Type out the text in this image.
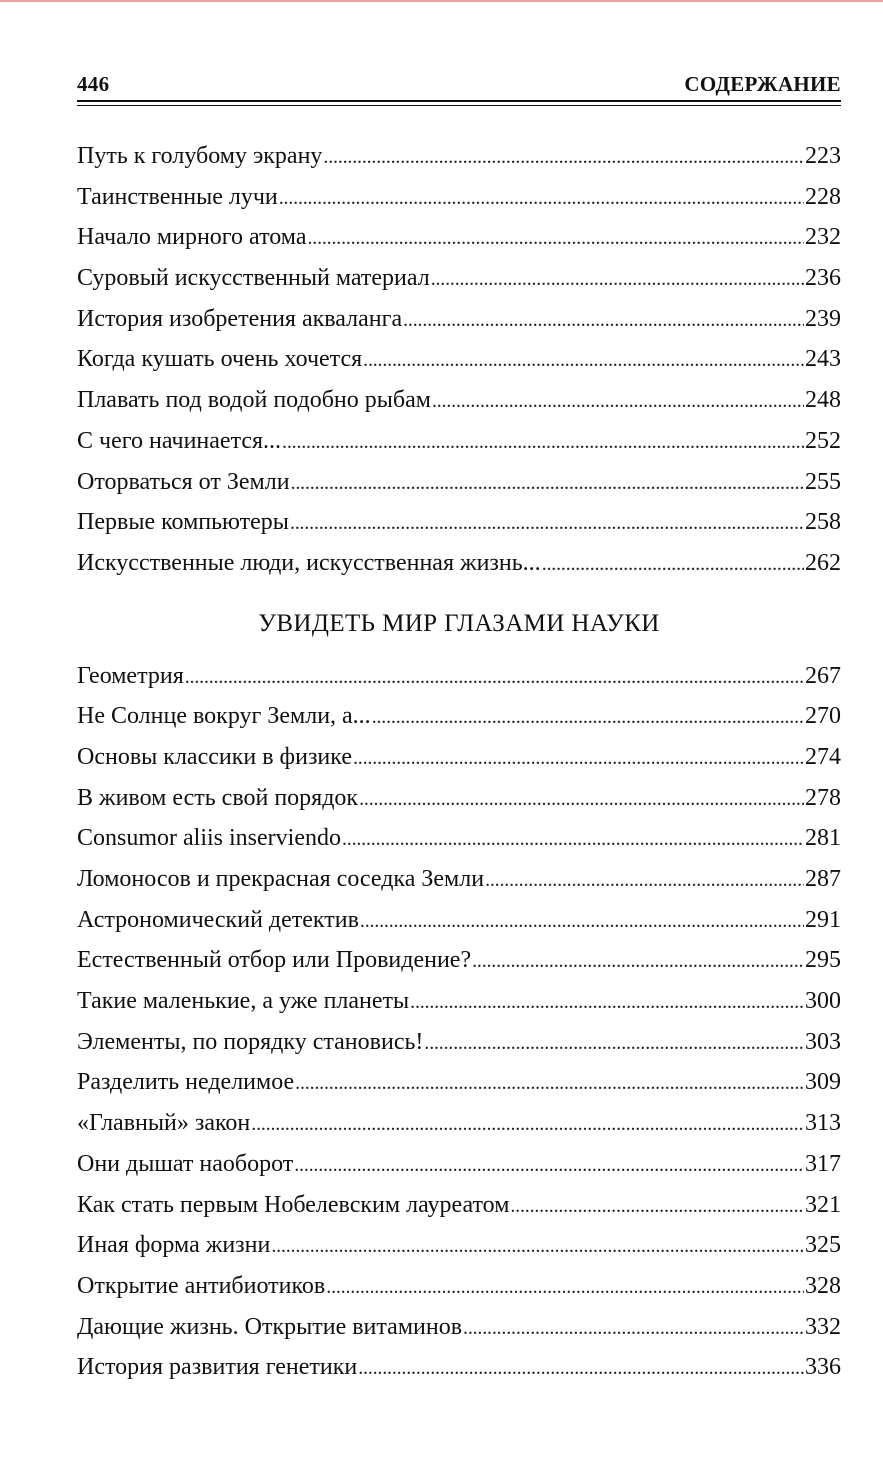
446	СОДЕРЖАНИЕ
Путь к голубому экрану . . .	223
Таинственные лучи . . .	228
Начало мирного атома . . .	232
Суровый искусственный материал . . .	236
История изобретения акваланга . . .	239
Когда кушать очень хочется . . .	243
Плавать под водой подобно рыбам . . .	248
С чего начинается... . . .	252
Оторваться от Земли . . .	255
Первые компьютеры . . .	258
Искусственные люди, искусственная жизнь... . . .	262
УВИДЕТЬ МИР ГЛАЗАМИ НАУКИ
Геометрия . . .	267
Не Солнце вокруг Земли, а... . . .	270
Основы классики в физике . . .	274
В живом есть свой порядок . . .	278
Consumor aliis inserviendo . . .	281
Ломоносов и прекрасная соседка Земли . . .	287
Астрономический детектив . . .	291
Естественный отбор или Провидение? . . .	295
Такие маленькие, а уже планеты . . .	300
Элементы, по порядку становись! . . .	303
Разделить неделимое . . .	309
«Главный» закон . . .	313
Они дышат наоборот . . .	317
Как стать первым Нобелевским лауреатом . . .	321
Иная форма жизни . . .	325
Открытие антибиотиков . . .	328
Дающие жизнь. Открытие витаминов . . .	332
История развития генетики . . .	336
